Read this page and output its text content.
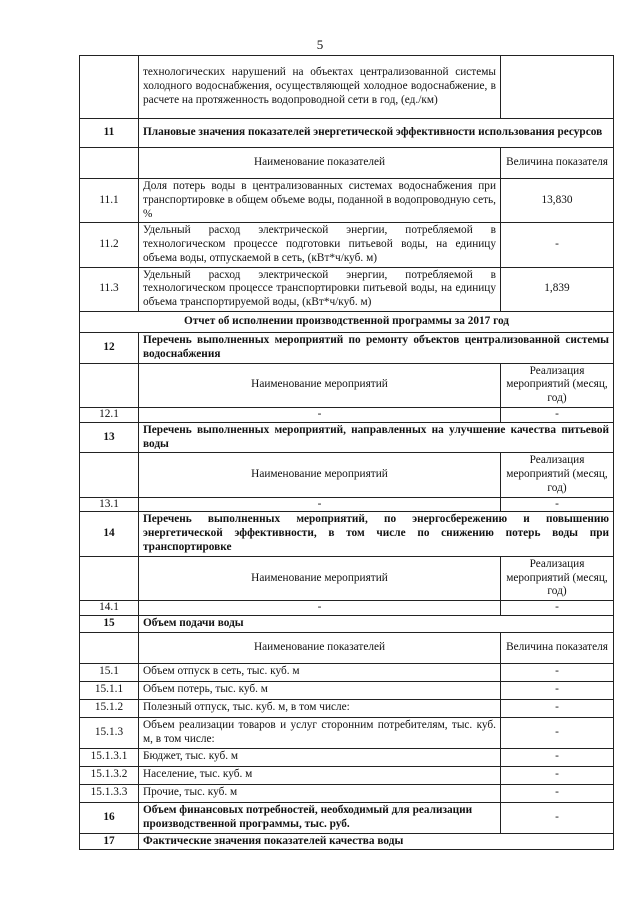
5
	технологических нарушений на объектах централизованной системы холодного водоснабжения, осуществляющей холодное водоснабжение, в расчете на протяженность водопроводной сети в год, (ед./км)	
11	Плановые значения показателей энергетической эффективности использования ресурсов	
	Наименование показателей	Величина показателя
11.1	Доля потерь воды в централизованных системах водоснабжения при транспортировке в общем объеме воды, поданной в водопроводную сеть, %	13,830
11.2	Удельный расход электрической энергии, потребляемой в технологическом процессе подготовки питьевой воды, на единицу объема воды, отпускаемой в сеть, (кВт*ч/куб. м)	-
11.3	Удельный расход электрической энергии, потребляемой в технологическом процессе транспортировки питьевой воды, на единицу объема транспортируемой воды, (кВт*ч/куб. м)	1,839
Отчет об исполнении производственной программы за 2017 год		
12	Перечень выполненных мероприятий по ремонту объектов централизованной системы водоснабжения	
	Наименование мероприятий	Реализация мероприятий (месяц, год)
12.1	-	-
13	Перечень выполненных мероприятий, направленных на улучшение качества питьевой воды	
	Наименование мероприятий	Реализация мероприятий (месяц, год)
13.1	-	-
14	Перечень выполненных мероприятий, по энергосбережению и повышению энергетической эффективности, в том числе по снижению потерь воды при транспортировке	
	Наименование мероприятий	Реализация мероприятий (месяц, год)
14.1	-	-
15	Объем подачи воды	
	Наименование показателей	Величина показателя
15.1	Объем отпуск в сеть, тыс. куб. м	-
15.1.1	Объем потерь, тыс. куб. м	-
15.1.2	Полезный отпуск, тыс. куб. м, в том числе:	-
15.1.3	Объем реализации товаров и услуг сторонним потребителям, тыс. куб. м, в том числе:	-
15.1.3.1	Бюджет, тыс. куб. м	-
15.1.3.2	Население, тыс. куб. м	-
15.1.3.3	Прочие, тыс. куб. м	-
16	Объем финансовых потребностей, необходимый для реализации производственной программы, тыс. руб.	-
17	Фактические значения показателей качества воды	
